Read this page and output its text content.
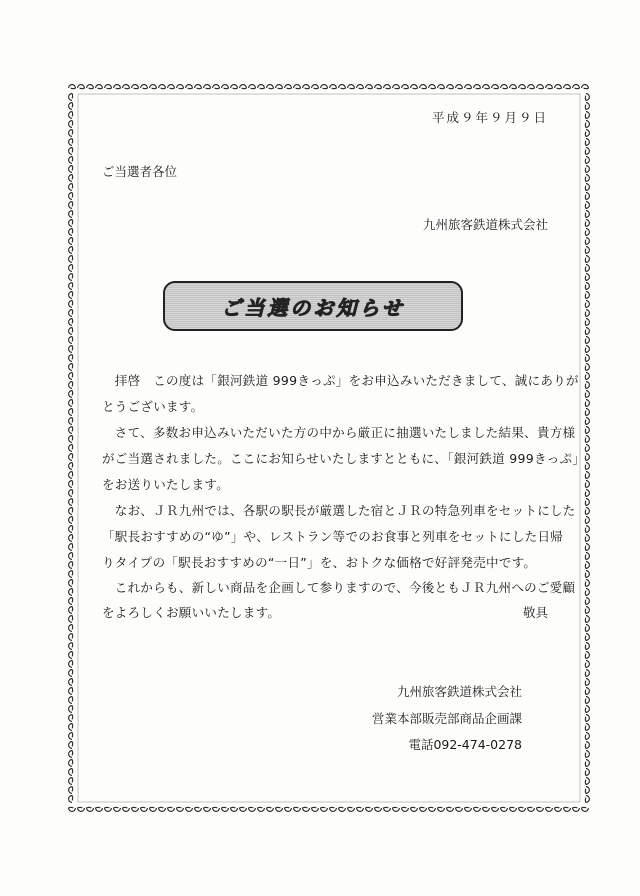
平成９年９月９日
ご当選者各位
九州旅客鉄道株式会社
ご当選のお知らせ
　拝啓　この度は「銀河鉄道 999きっぷ」をお申込みいただきまして、誠にありが
とうございます。
　さて、多数お申込みいただいた方の中から厳正に抽選いたしました結果、貴方様
がご当選されました。ここにお知らせいたしますとともに、「銀河鉄道 999きっぷ」
をお送りいたします。
　なお、ＪＲ九州では、各駅の駅長が厳選した宿とＪＲの特急列車をセットにした
「駅長おすすめの“ゆ”」や、レストラン等でのお食事と列車をセットにした日帰
りタイプの「駅長おすすめの“一日”」を、おトクな価格で好評発売中です。
　これからも、新しい商品を企画して参りますので、今後ともＪＲ九州へのご愛顧
をよろしくお願いいたします。	敬具
九州旅客鉄道株式会社
営業本部販売部商品企画課
電話092-474-0278
